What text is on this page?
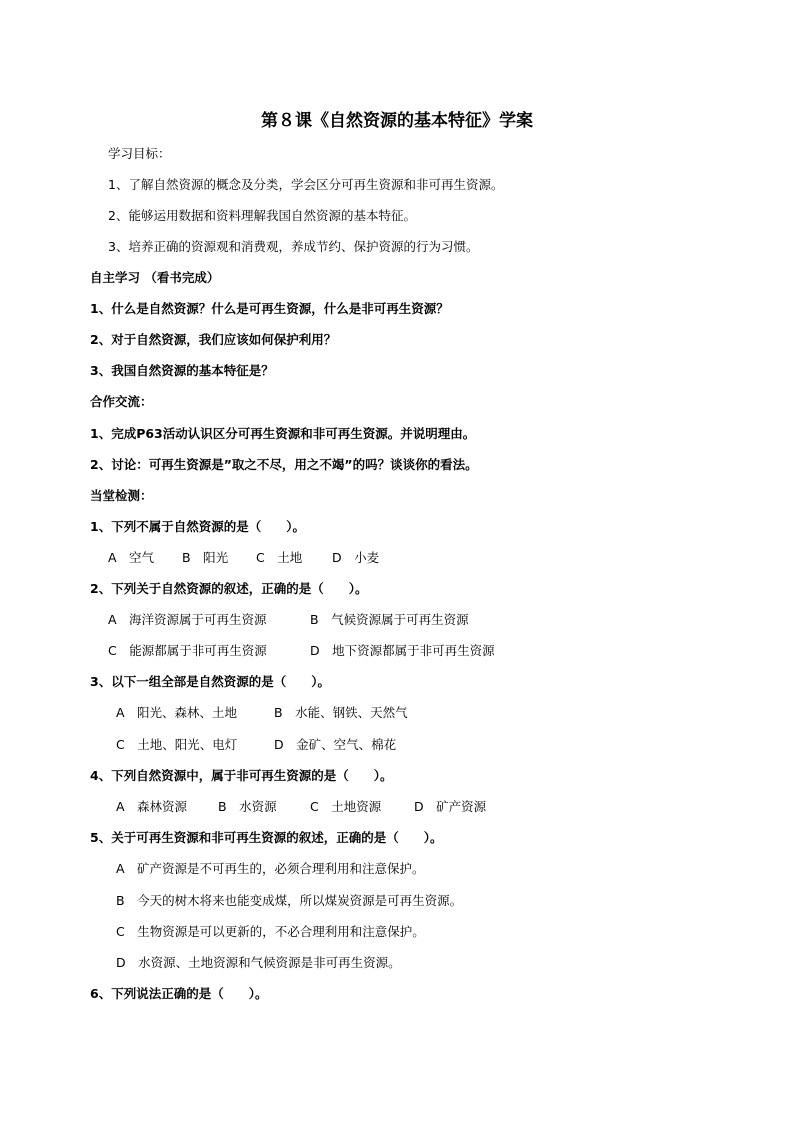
第８课《自然资源的基本特征》学案
学习目标：
1、了解自然资源的概念及分类，学会区分可再生资源和非可再生资源。
2、能够运用数据和资料理解我国自然资源的基本特征。
3、培养正确的资源观和消费观，养成节约、保护资源的行为习惯。
自主学习 （看书完成）
1、什么是自然资源？什么是可再生资源，什么是非可再生资源？
2、对于自然资源，我们应该如何保护利用？
3、我国自然资源的基本特征是？
合作交流：
1、完成P63活动认识区分可再生资源和非可再生资源。并说明理由。
2、讨论：可再生资源是”取之不尽，用之不竭”的吗？谈谈你的看法。
当堂检测：
1、下列不属于自然资源的是（　　）。
A　空气 B　阳光 C　土地 D　小麦
2、下列关于自然资源的叙述，正确的是（　　）。
A　海洋资源属于可再生资源	B　气候资源属于可再生资源
C　能源都属于非可再生资源	D　地下资源都属于非可再生资源
3、以下一组全部是自然资源的是（　　）。
A　阳光、森林、土地	B　水能、钢铁、天然气
C　土地、阳光、电灯	D　金矿、空气、棉花
4、下列自然资源中，属于非可再生资源的是（　　）。
A　森林资源 B　水资源	C　土地资源	D　矿产资源
5、关于可再生资源和非可再生资源的叙述，正确的是（　　）。
A　矿产资源是不可再生的，必须合理利用和注意保护。
B　今天的树木将来也能变成煤，所以煤炭资源是可再生资源。
C　生物资源是可以更新的，不必合理利用和注意保护。
D　水资源、土地资源和气候资源是非可再生资源。
6、下列说法正确的是（　　）。
